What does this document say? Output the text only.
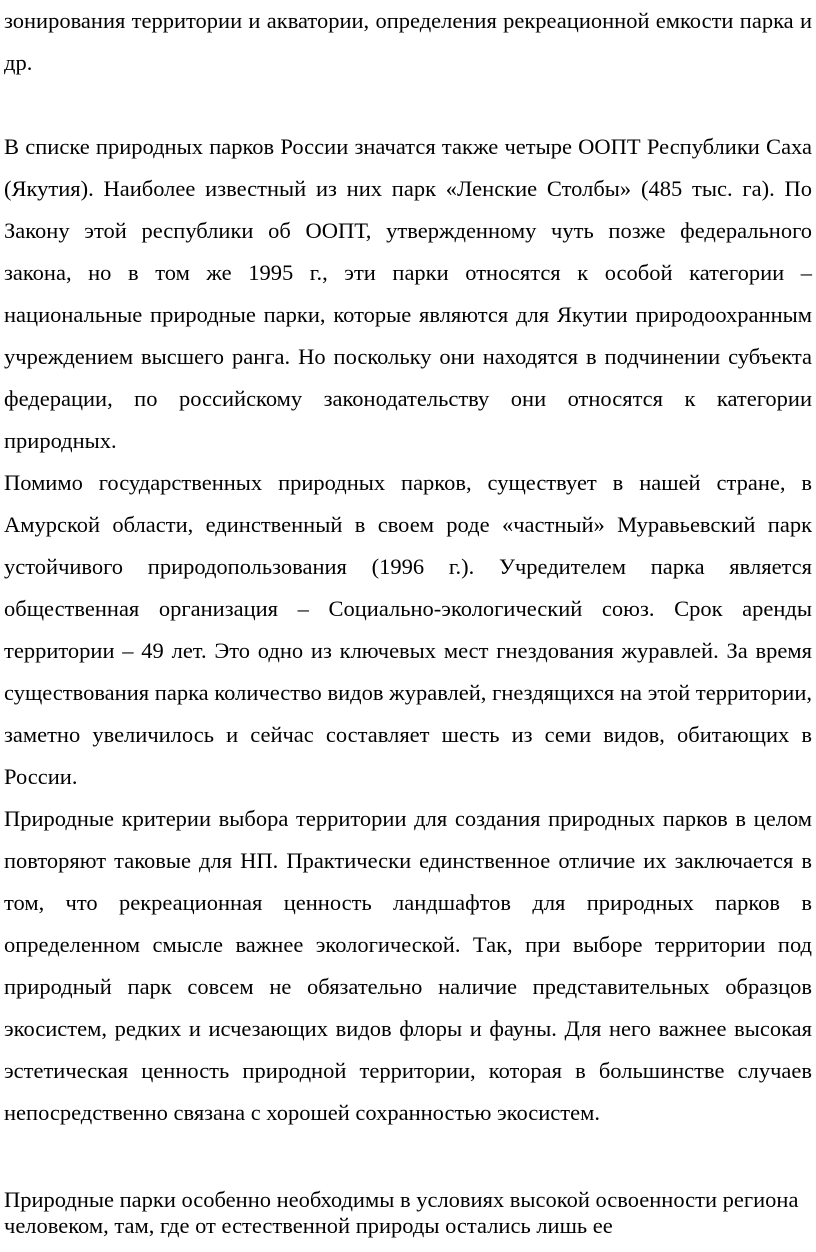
зонирования территории и акватории, определения рекреационной емкости парка и др.

В списке природных парков России значатся также четыре ООПТ Республики Саха (Якутия). Наиболее известный из них парк «Ленские Столбы» (485 тыс. га). По Закону этой республики об ООПТ, утвержденному чуть позже федерального закона, но в том же 1995 г., эти парки относятся к особой категории – национальные природные парки, которые являются для Якутии природоохранным учреждением высшего ранга. Но поскольку они находятся в подчинении субъекта федерации, по российскому законодательству они относятся к категории природных.

Помимо государственных природных парков, существует в нашей стране, в Амурской области, единственный в своем роде «частный» Муравьевский парк устойчивого природопользования (1996 г.). Учредителем парка является общественная организация – Социально-экологический союз. Срок аренды территории – 49 лет. Это одно из ключевых мест гнездования журавлей. За время существования парка количество видов журавлей, гнездящихся на этой территории, заметно увеличилось и сейчас составляет шесть из семи видов, обитающих в России.

Природные критерии выбора территории для создания природных парков в целом повторяют таковые для НП. Практически единственное отличие их заключается в том, что рекреационная ценность ландшафтов для природных парков в определенном смысле важнее экологической. Так, при выборе территории под природный парк совсем не обязательно наличие представительных образцов экосистем, редких и исчезающих видов флоры и фауны. Для него важнее высокая эстетическая ценность природной территории, которая в большинстве случаев непосредственно связана с хорошей сохранностью экосистем.

Природные парки особенно необходимы в условиях высокой освоенности региона человеком, там, где от естественной природы остались лишь ее
